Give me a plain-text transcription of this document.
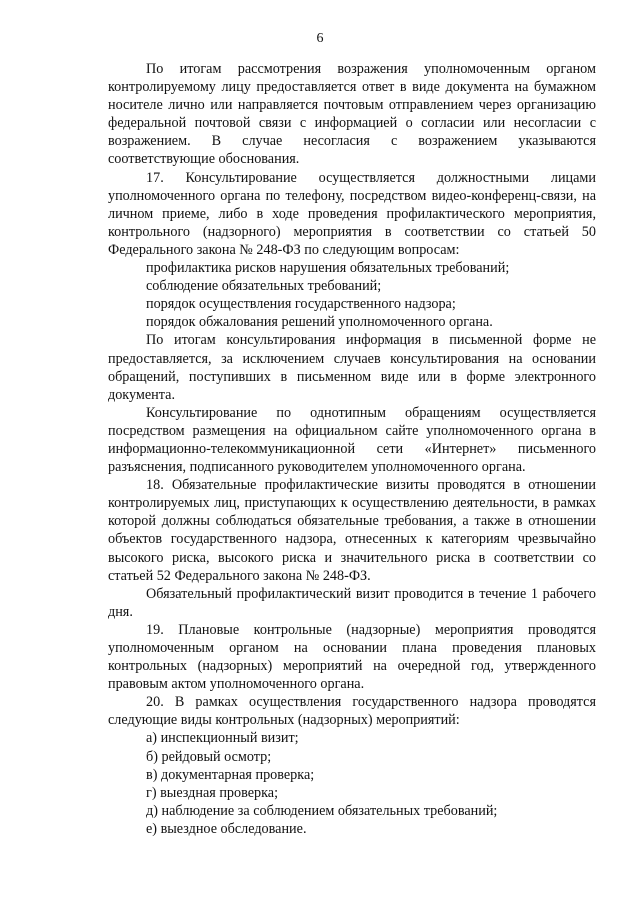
6

По итогам рассмотрения возражения уполномоченным органом контролируемому лицу предоставляется ответ в виде документа на бумажном носителе лично или направляется почтовым отправлением через организацию федеральной почтовой связи с информацией о согласии или несогласии с возражением. В случае несогласия с возражением указываются соответствующие обоснования.

17. Консультирование осуществляется должностными лицами уполномоченного органа по телефону, посредством видео-конференц-связи, на личном приеме, либо в ходе проведения профилактического мероприятия, контрольного (надзорного) мероприятия в соответствии со статьей 50 Федерального закона № 248-ФЗ по следующим вопросам:

профилактика рисков нарушения обязательных требований;

соблюдение обязательных требований;

порядок осуществления государственного надзора;

порядок обжалования решений уполномоченного органа.

По итогам консультирования информация в письменной форме не предоставляется, за исключением случаев консультирования на основании обращений, поступивших в письменном виде или в форме электронного документа.

Консультирование по однотипным обращениям осуществляется посредством размещения на официальном сайте уполномоченного органа в информационно-телекоммуникационной сети «Интернет» письменного разъяснения, подписанного руководителем уполномоченного органа.

18. Обязательные профилактические визиты проводятся в отношении контролируемых лиц, приступающих к осуществлению деятельности, в рамках которой должны соблюдаться обязательные требования, а также в отношении объектов государственного надзора, отнесенных к категориям чрезвычайно высокого риска, высокого риска и значительного риска в соответствии со статьей 52 Федерального закона № 248-ФЗ.

Обязательный профилактический визит проводится в течение 1 рабочего дня.

19. Плановые контрольные (надзорные) мероприятия проводятся уполномоченным органом на основании плана проведения плановых контрольных (надзорных) мероприятий на очередной год, утвержденного правовым актом уполномоченного органа.

20. В рамках осуществления государственного надзора проводятся следующие виды контрольных (надзорных) мероприятий:

а) инспекционный визит;

б) рейдовый осмотр;

в) документарная проверка;

г) выездная проверка;

д) наблюдение за соблюдением обязательных требований;

е) выездное обследование.
